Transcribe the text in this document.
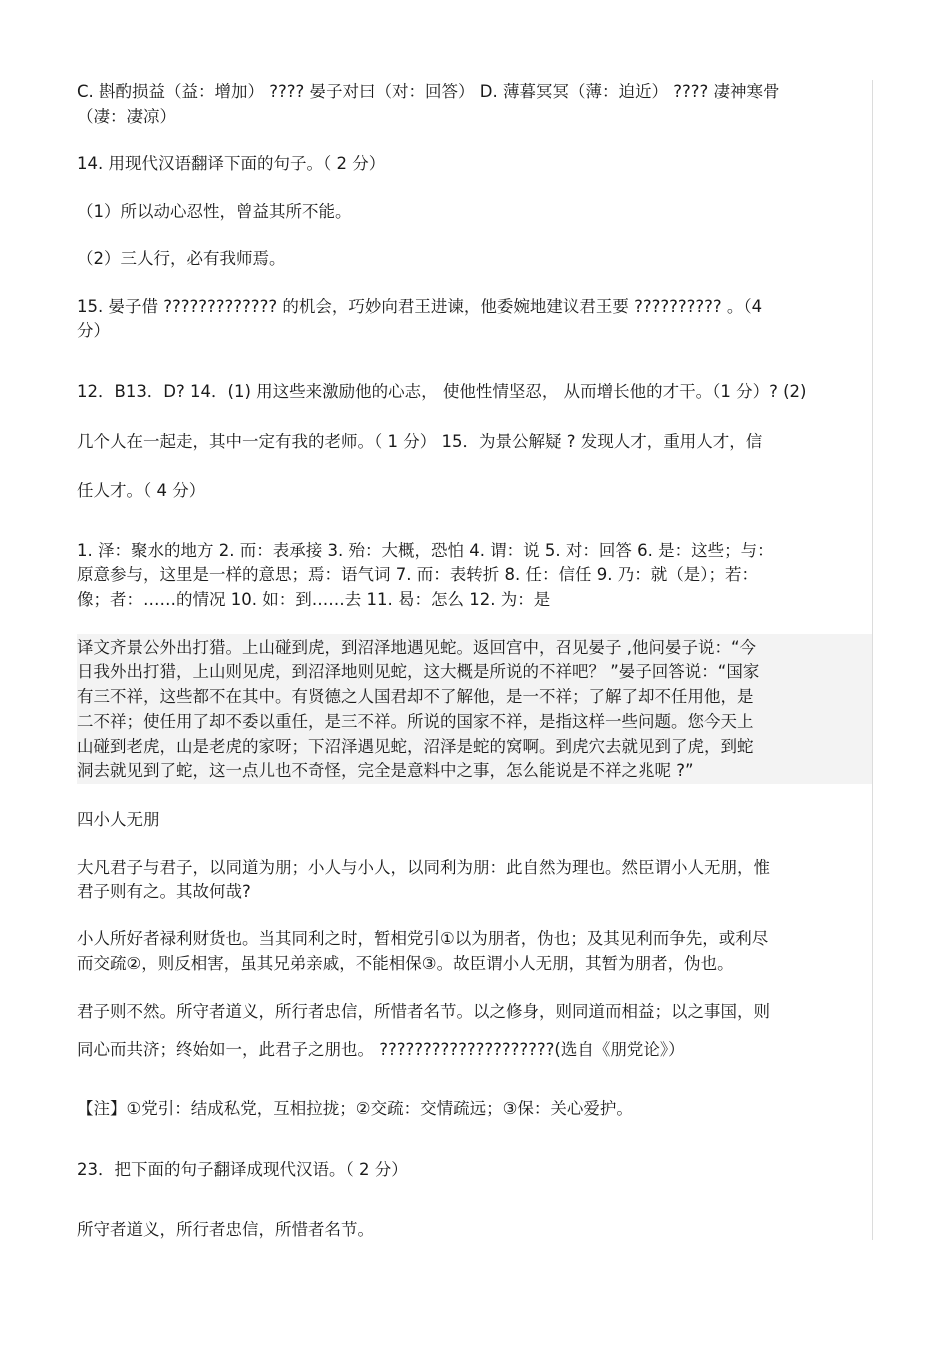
C. 斟酌损益（益：增加） ???? 晏子对曰（对：回答） D. 薄暮冥冥（薄：迫近） ???? 凄神寒骨
（凄：凄凉）
14. 用现代汉语翻译下面的句子。（ 2 分）
（1）所以动心忍性，曾益其所不能。
（2）三人行，必有我师焉。
15. 晏子借 ????????????? 的机会，巧妙向君王进谏，他委婉地建议君王要 ?????????? 。（4
分）
12．B13．D? 14．(1) 用这些来激励他的心志， 使他性情坚忍， 从而增长他的才干。（1 分）? (2)
几个人在一起走，其中一定有我的老师。（ 1 分） 15．为景公解疑 ? 发现人才，重用人才，信
任人才。（ 4 分）
1. 泽：聚水的地方 2. 而：表承接 3. 殆：大概，恐怕 4. 谓：说 5. 对：回答 6. 是：这些；与：
原意参与，这里是一样的意思；焉：语气词 7. 而：表转折 8. 任：信任 9. 乃：就（是）；若：
像；者：……的情况 10. 如：到……去 11. 曷：怎么 12. 为：是
译文齐景公外出打猎。上山碰到虎，到沼泽地遇见蛇。返回宫中，召见晏子 ,他问晏子说：“今
日我外出打猎，上山则见虎，到沼泽地则见蛇，这大概是所说的不祥吧？ ”晏子回答说：“国家
有三不祥，这些都不在其中。有贤德之人国君却不了解他，是一不祥；了解了却不任用他，是
二不祥；使任用了却不委以重任，是三不祥。所说的国家不祥，是指这样一些问题。您今天上
山碰到老虎，山是老虎的家呀；下沼泽遇见蛇，沼泽是蛇的窝啊。到虎穴去就见到了虎，到蛇
洞去就见到了蛇，这一点儿也不奇怪，完全是意料中之事，怎么能说是不祥之兆呢 ?”
四小人无朋
大凡君子与君子，以同道为朋；小人与小人，以同利为朋：此自然为理也。然臣谓小人无朋，惟
君子则有之。其故何哉?
小人所好者禄利财货也。当其同利之时，暂相党引①以为朋者，伪也；及其见利而争先，或利尽
而交疏②，则反相害，虽其兄弟亲戚，不能相保③。故臣谓小人无朋，其暂为朋者，伪也。
君子则不然。所守者道义，所行者忠信，所惜者名节。以之修身，则同道而相益；以之事国，则
同心而共济；终始如一，此君子之朋也。 ????????????????????(选自《朋党论》）
【注】①党引：结成私党，互相拉拢；②交疏：交情疏远；③保：关心爱护。
23．把下面的句子翻译成现代汉语。（ 2 分）
所守者道义，所行者忠信，所惜者名节。
